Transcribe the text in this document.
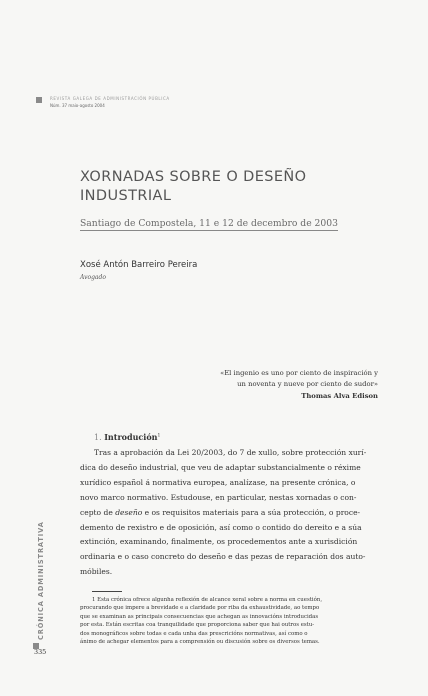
REVISTA GALEGA DE ADMINISTRACIÓN PÚBLICA
Núm. 37 maio-agosto 2004
XORNADAS SOBRE O DESEÑO INDUSTRIAL
Santiago de Compostela, 11 e 12 de decembro de 2003
Xosé Antón Barreiro Pereira
Avogado
«El ingenio es uno por ciento de inspiración y
un noventa y nueve por ciento de sudor»
Thomas Alva Edison
1. Introdución$^1$
Tras a aprobación da Lei 20/2003, do 7 de xullo, sobre protección xurí-
dica do deseño industrial, que veu de adaptar substancialmente o réxime
xurídico español á normativa europea, analízase, na presente crónica, o
novo marco normativo. Estudouse, en particular, nestas xornadas o con-
cepto de deseño e os requisitos materiais para a súa protección, o proce-
demento de rexistro e de oposición, así como o contido do dereito e a súa
extinción, examinando, finalmente, os procedementos ante a xurisdición
ordinaria e o caso concreto do deseño e das pezas de reparación dos auto-
móbiles.
1 Esta crónica ofrece algunha reflexión de alcance xeral sobre a norma en cuestión,
procurando que impere a brevidade e a claridade por riba da exhaustividade, ao tempo
que se examinan as principais consecuencias que achegan as innovacións introducidas
por esta. Están escritas coa tranquilidade que proporciona saber que hai outros estu-
dos monográficos sobre todas e cada unha das prescricións normativas, así como o
ánimo de achegar elementos para a comprensión ou discusión sobre os diversos temas.
CRÓNICA ADMINISTRATIVA
335
